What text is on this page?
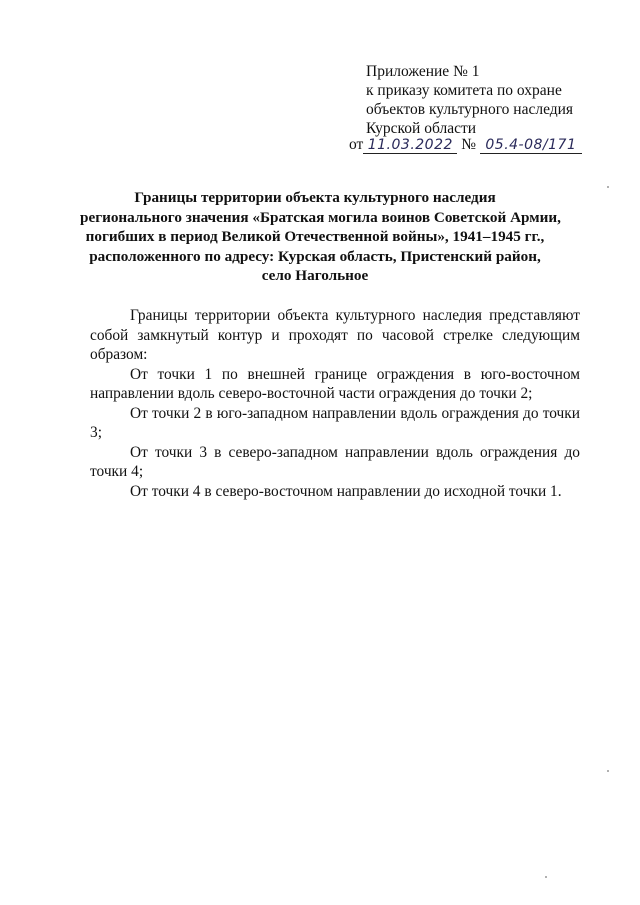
Приложение № 1
к приказу комитета по охране
объектов культурного наследия
Курской области
от 11.03.2022 № 05.4-08/171
Границы территории объекта культурного наследия
регионального значения «Братская могила воинов Советской Армии,
погибших в период Великой Отечественной войны», 1941–1945 гг.,
расположенного по адресу: Курская область, Пристенский район,
село Нагольное

Границы территории объекта культурного наследия представляют собой замкнутый контур и проходят по часовой стрелке следующим образом:

От точки 1 по внешней границе ограждения в юго-восточном направлении вдоль северо-восточной части ограждения до точки 2;

От точки 2 в юго-западном направлении вдоль ограждения до точки 3;

От точки 3 в северо-западном направлении вдоль ограждения до точки 4;

От точки 4 в северо-восточном направлении до исходной точки 1.
